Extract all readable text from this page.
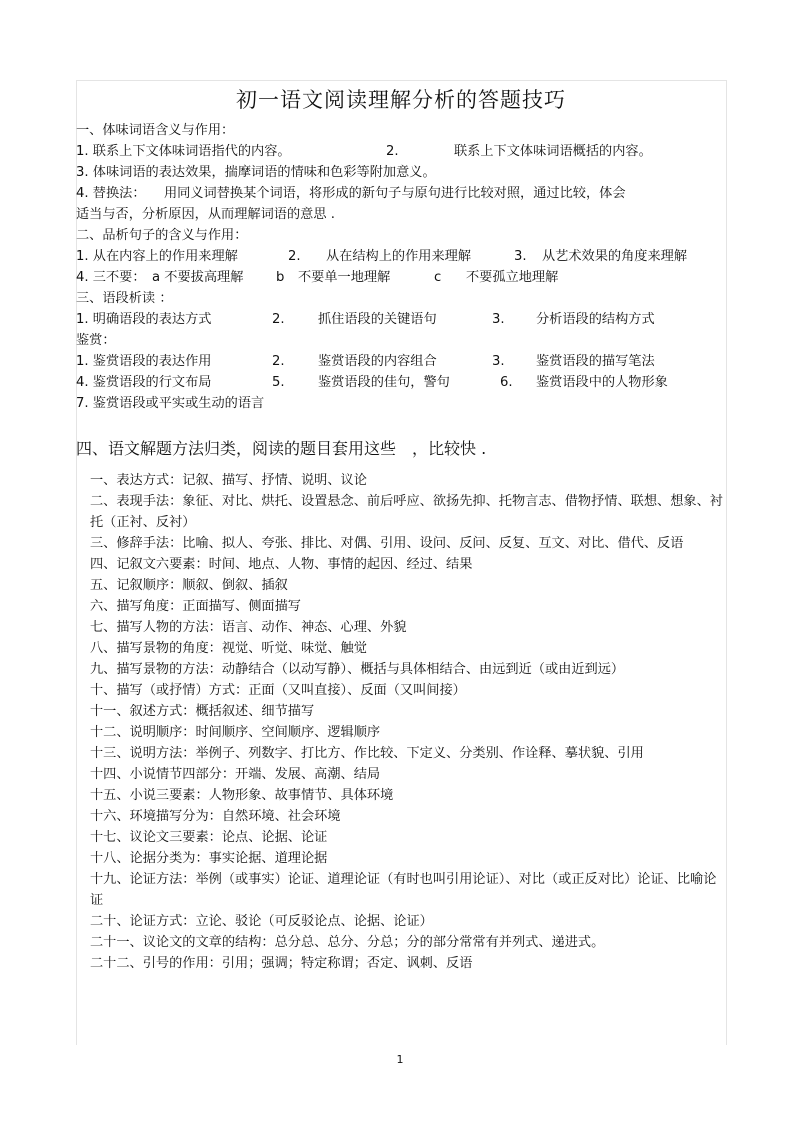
初一语文阅读理解分析的答题技巧
一、体味词语含义与作用：
1. 联系上下文体味词语指代的内容。	2.	联系上下文体味词语概括的内容。
3. 体味词语的表达效果，揣摩词语的情味和色彩等附加意义。
4. 替换法： 用同义词替换某个词语，将形成的新句子与原句进行比较对照，通过比较，体会
适当与否，分析原因，从而理解词语的意思 .
二、品析句子的含义与作用：
1. 从在内容上的作用来理解	2. 从在结构上的作用来理解	3. 从艺术效果的角度来理解
4. 三不要： a 不要拔高理解 b 不要单一地理解	c 不要孤立地理解
三、语段析读 ：
1. 明确语段的表达方式	2.	抓住语段的关键语句	3. 分析语段的结构方式
鉴赏：
1. 鉴赏语段的表达作用	2.	鉴赏语段的内容组合	3. 鉴赏语段的描写笔法
4. 鉴赏语段的行文布局	5.	鉴赏语段的佳句，警句	6. 鉴赏语段中的人物形象
7. 鉴赏语段或平实或生动的语言
四、语文解题方法归类，阅读的题目套用这些　，比较快 .
一、表达方式：记叙、描写、抒情、说明、议论
二、表现手法：象征、对比、烘托、设置悬念、前后呼应、欲扬先抑、托物言志、借物抒情、联想、想象、衬托（正衬、反衬）
三、修辞手法：比喻、拟人、夸张、排比、对偶、引用、设问、反问、反复、互文、对比、借代、反语
四、记叙文六要素：时间、地点、人物、事情的起因、经过、结果
五、记叙顺序：顺叙、倒叙、插叙
六、描写角度：正面描写、侧面描写
七、描写人物的方法：语言、动作、神态、心理、外貌
八、描写景物的角度：视觉、听觉、味觉、触觉
九、描写景物的方法：动静结合（以动写静）、概括与具体相结合、由远到近（或由近到远）
十、描写（或抒情）方式：正面（又叫直接）、反面（又叫间接）
十一、叙述方式：概括叙述、细节描写
十二、说明顺序：时间顺序、空间顺序、逻辑顺序
十三、说明方法：举例子、列数字、打比方、作比较、下定义、分类别、作诠释、摹状貌、引用
十四、小说情节四部分：开端、发展、高潮、结局
十五、小说三要素：人物形象、故事情节、具体环境
十六、环境描写分为：自然环境、社会环境
十七、议论文三要素：论点、论据、论证
十八、论据分类为：事实论据、道理论据
十九、论证方法：举例（或事实）论证、道理论证（有时也叫引用论证）、对比（或正反对比）论证、比喻论证
二十、论证方式：立论、驳论（可反驳论点、论据、论证）
二十一、议论文的文章的结构：总分总、总分、分总；分的部分常常有并列式、递进式。
二十二、引号的作用：引用；强调；特定称谓；否定、讽刺、反语
1
